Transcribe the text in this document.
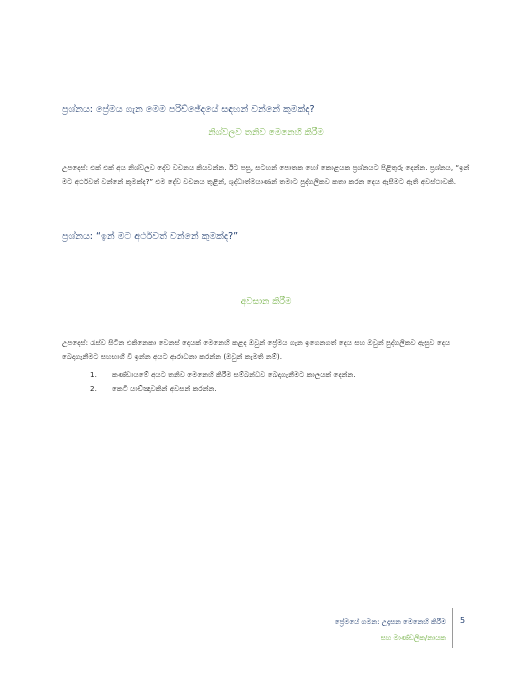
ප්‍රශ්නය: ප්‍රේමය ගැන මෙම පරිච්ඡේදයේ සඳහන් වන්නේ කුමක්ද?
නිශ්වලව තනිව මෙනෙහි කිරීම
උපදෙස්: එක් එක් අය නිශ්වලව දේව වචනය කියවන්න. ඊට පසු, සටහන් පොතක හෝ කොළයක ප්‍රශ්නයට පිළිතුරු දෙන්න. ප්‍රශ්නය, “ඉන් මට අර්ථවත් වන්නේ කුමක්ද?” එම දේව වචනය තුළින්, ශුද්ධාත්මයාණන් තමාට පුද්ගලිකව කතා කරන දෙය ඇසීමට ඇති අවස්ථාවකි.
ප්‍රශ්නය: “ඉන් මට අර්ථවත් වන්නේ කුමක්ද?”
අවසාන කිරීම
උපදෙස්: රැස්ව සිටින එකිනෙකා වෙනස් දෙයක් මෙනෙහි කළද ඔවුන් ප්‍රේමය ගැන ඉගෙනගත් දෙය සහ ඔවුන් පුද්ගලිකව ඇසුව දෙය බෙදාගැනීමට සහභාගී වී ඉන්න අයට ආරාධනා කරන්න (ඔවුන් කැමති නම්).
1. කණ්ඩායමේ අයට තනිව මෙනෙහි කිරීම සම්බන්ධව බෙදාගැනීමට කාලයක් දෙන්න.
2. කෙටි යාච්ඤාවකින් අවසන් කරන්න.
ප්‍රේමයේ ගමන: උදෑසන මෙනෙහි කිරීම
සහ මාණ්ඩලික/නායක
5
